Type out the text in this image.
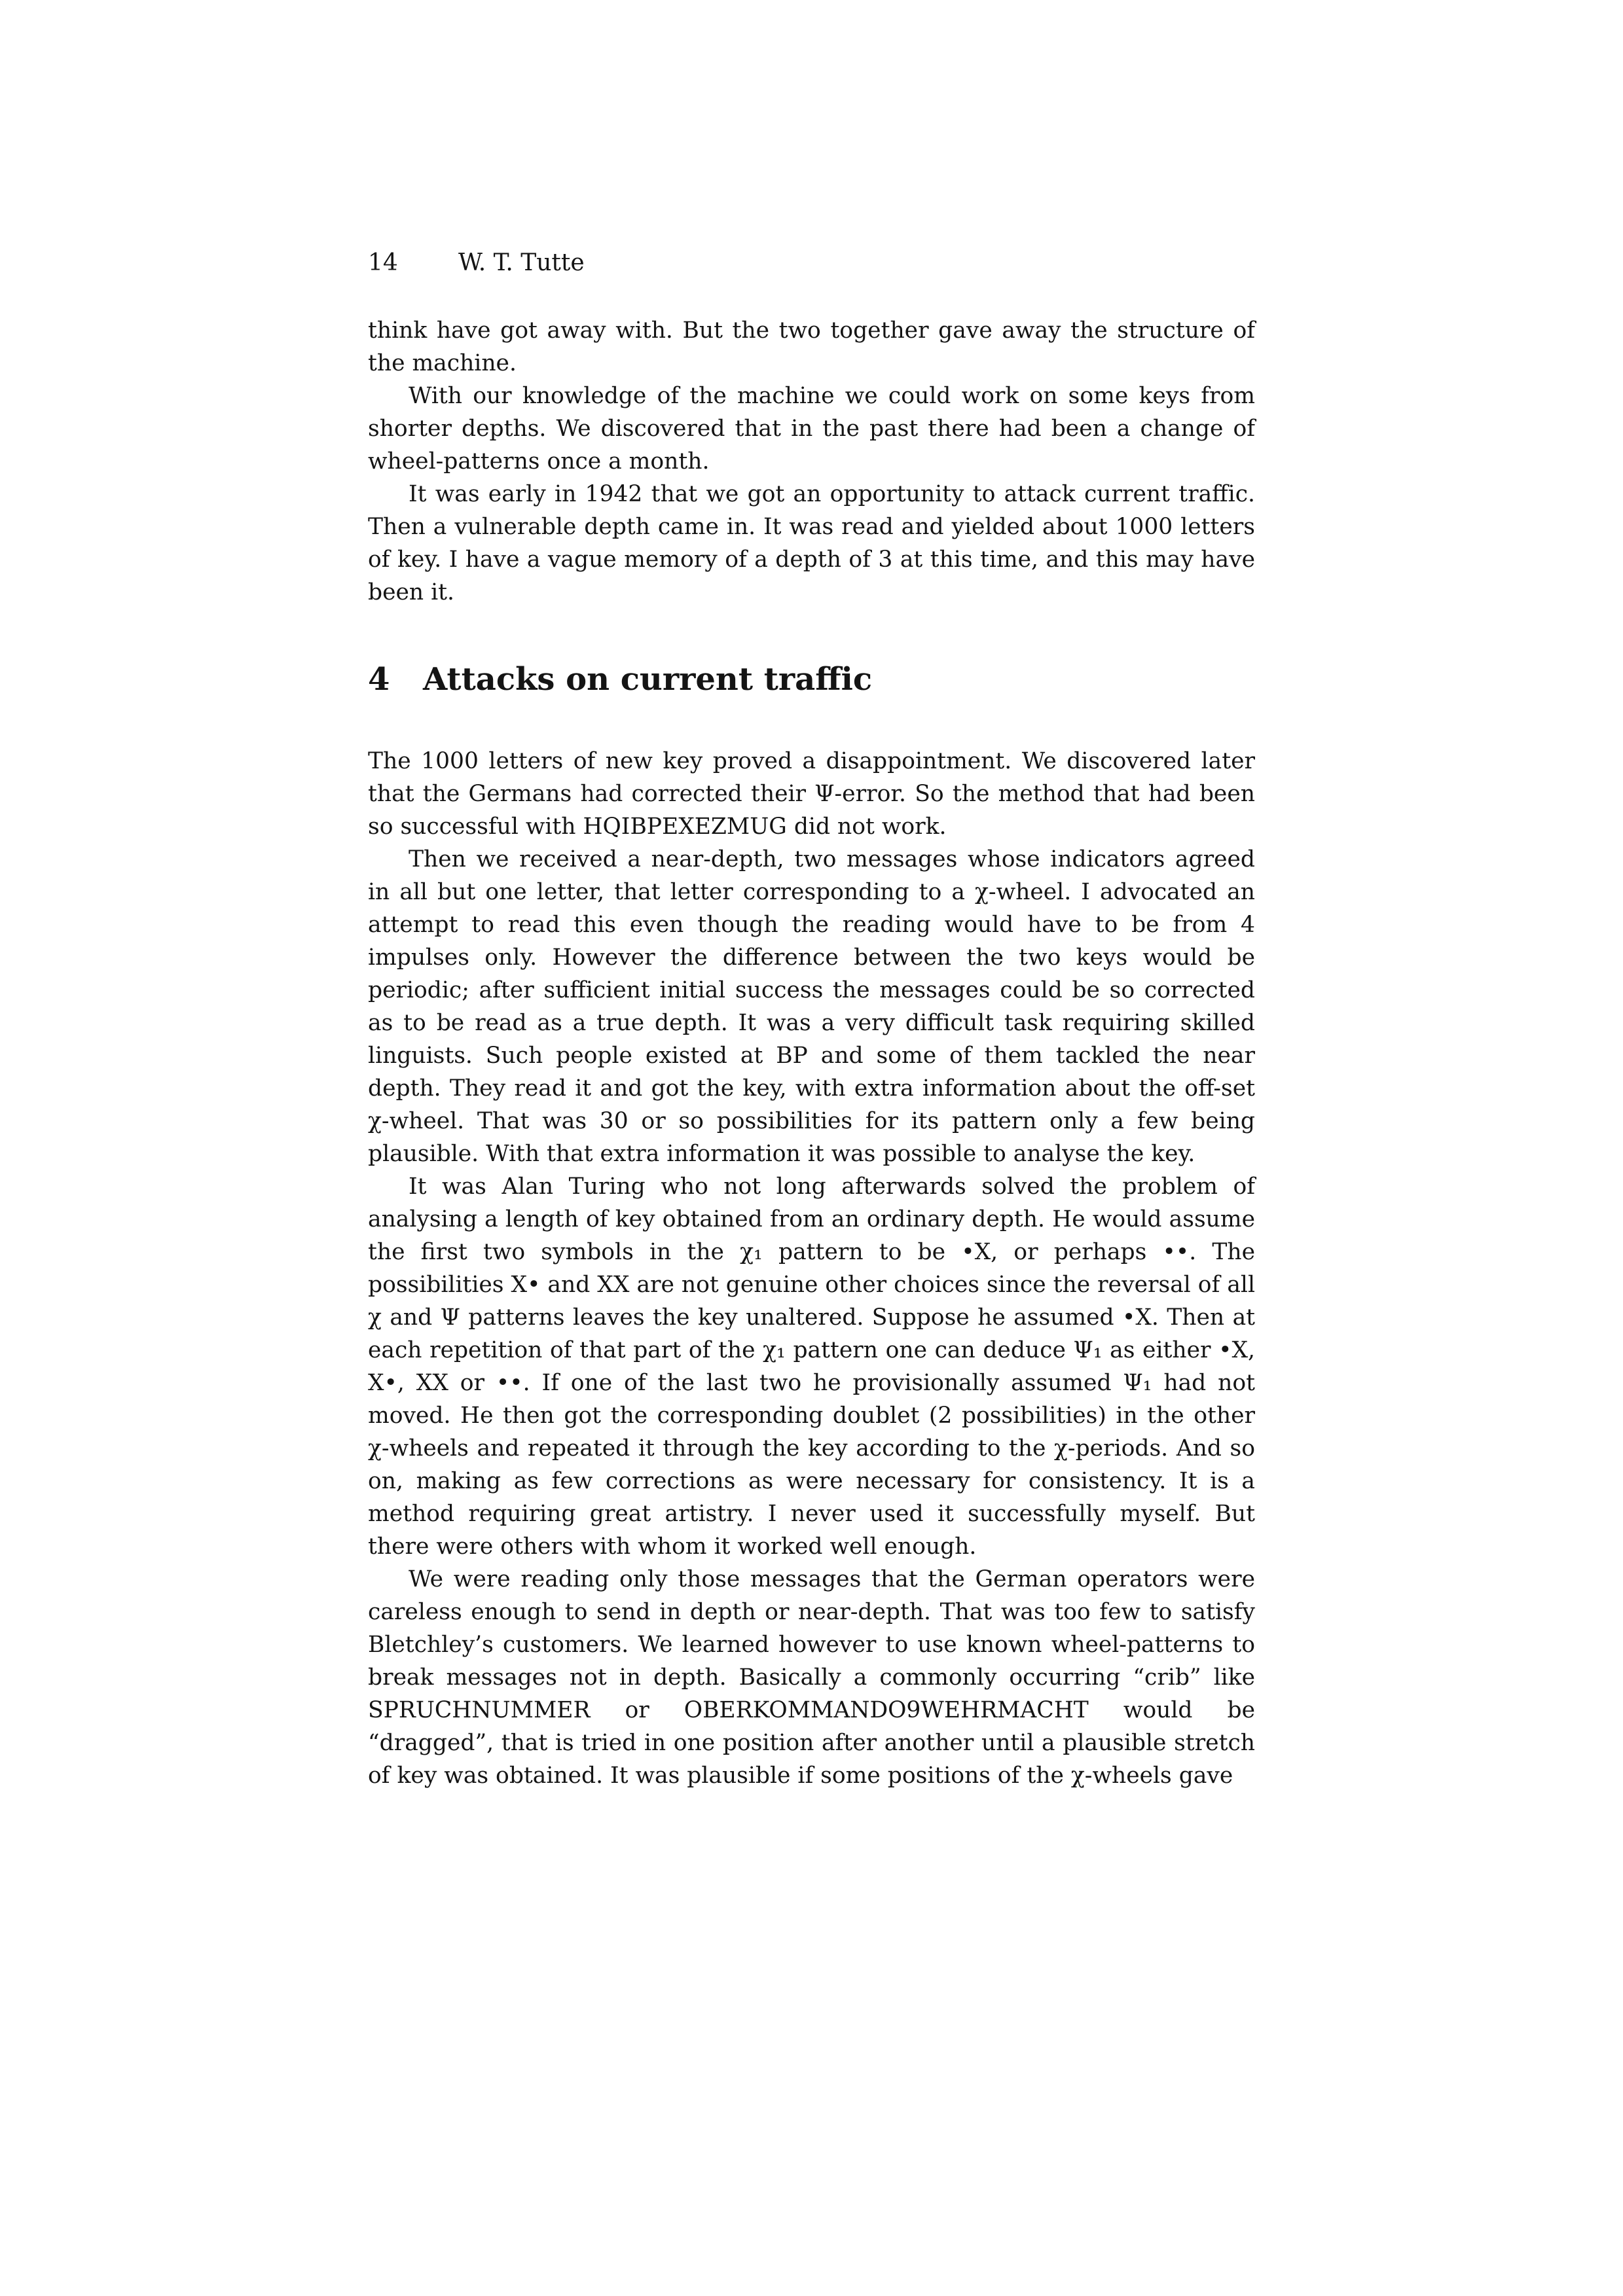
14	W. T. Tutte

think have got away with. But the two together gave away the structure of the machine.

With our knowledge of the machine we could work on some keys from shorter depths. We discovered that in the past there had been a change of wheel-patterns once a month.

It was early in 1942 that we got an opportunity to attack current traffic. Then a vulnerable depth came in. It was read and yielded about 1000 letters of key. I have a vague memory of a depth of 3 at this time, and this may have been it.

4 Attacks on current traffic

The 1000 letters of new key proved a disappointment. We discovered later that the Germans had corrected their Ψ-error. So the method that had been so successful with HQIBPEXEZMUG did not work.

Then we received a near-depth, two messages whose indicators agreed in all but one letter, that letter corresponding to a χ-wheel. I advocated an attempt to read this even though the reading would have to be from 4 impulses only. However the difference between the two keys would be periodic; after sufficient initial success the messages could be so corrected as to be read as a true depth. It was a very difficult task requiring skilled linguists. Such people existed at BP and some of them tackled the near depth. They read it and got the key, with extra information about the off-set χ-wheel. That was 30 or so possibilities for its pattern only a few being plausible. With that extra information it was possible to analyse the key.

It was Alan Turing who not long afterwards solved the problem of analysing a length of key obtained from an ordinary depth. He would assume the first two symbols in the χ₁ pattern to be •X, or perhaps ••. The possibilities X• and XX are not genuine other choices since the reversal of all χ and Ψ patterns leaves the key unaltered. Suppose he assumed •X. Then at each repetition of that part of the χ₁ pattern one can deduce Ψ₁ as either •X, X•, XX or ••. If one of the last two he provisionally assumed Ψ₁ had not moved. He then got the corresponding doublet (2 possibilities) in the other χ-wheels and repeated it through the key according to the χ-periods. And so on, making as few corrections as were necessary for consistency. It is a method requiring great artistry. I never used it successfully myself. But there were others with whom it worked well enough.

We were reading only those messages that the German operators were careless enough to send in depth or near-depth. That was too few to satisfy Bletchley’s customers. We learned however to use known wheel-patterns to break messages not in depth. Basically a commonly occurring “crib” like SPRUCHNUMMER or OBERKOMMANDO9WEHRMACHT would be “dragged”, that is tried in one position after another until a plausible stretch of key was obtained. It was plausible if some positions of the χ-wheels gave
